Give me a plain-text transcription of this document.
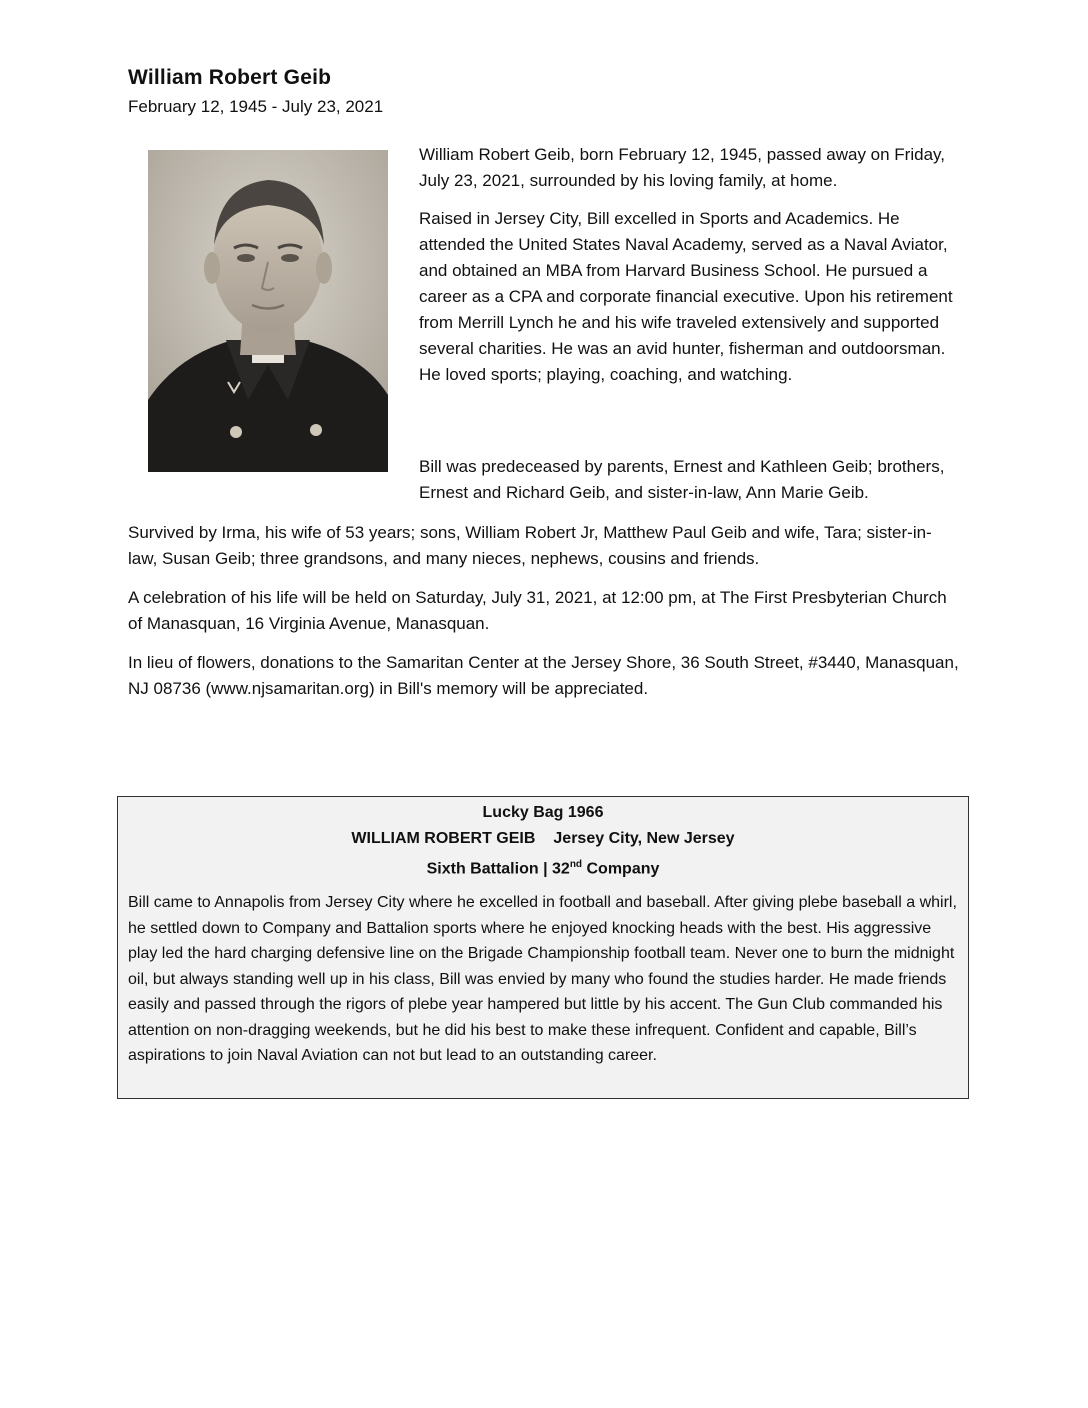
William Robert Geib
February 12, 1945 - July 23, 2021

William Robert Geib, born February 12, 1945, passed away on Friday, July 23, 2021, surrounded by his loving family, at home.

Raised in Jersey City, Bill excelled in Sports and Academics. He attended the United States Naval Academy, served as a Naval Aviator, and obtained an MBA from Harvard Business School. He pursued a career as a CPA and corporate financial executive. Upon his retirement from Merrill Lynch he and his wife traveled extensively and supported several charities. He was an avid hunter, fisherman and outdoorsman. He loved sports; playing, coaching, and watching.

Bill was predeceased by parents, Ernest and Kathleen Geib; brothers, Ernest and Richard Geib, and sister-in-law, Ann Marie Geib.

Survived by Irma, his wife of 53 years; sons, William Robert Jr, Matthew Paul Geib and wife, Tara; sister-in-law, Susan Geib; three grandsons, and many nieces, nephews, cousins and friends.

A celebration of his life will be held on Saturday, July 31, 2021, at 12:00 pm, at The First Presbyterian Church of Manasquan, 16 Virginia Avenue, Manasquan.

In lieu of flowers, donations to the Samaritan Center at the Jersey Shore, 36 South Street, #3440, Manasquan, NJ 08736 (www.njsamaritan.org) in Bill's memory will be appreciated.

Lucky Bag 1966
WILLIAM ROBERT GEIB Jersey City, New Jersey
Sixth Battalion | 32nd Company
Bill came to Annapolis from Jersey City where he excelled in football and baseball. After giving plebe baseball a whirl, he settled down to Company and Battalion sports where he enjoyed knocking heads with the best. His aggressive play led the hard charging defensive line on the Brigade Championship football team. Never one to burn the midnight oil, but always standing well up in his class, Bill was envied by many who found the studies harder. He made friends easily and passed through the rigors of plebe year hampered but little by his accent. The Gun Club commanded his attention on non-dragging weekends, but he did his best to make these infrequent. Confident and capable, Bill’s aspirations to join Naval Aviation can not but lead to an outstanding career.
